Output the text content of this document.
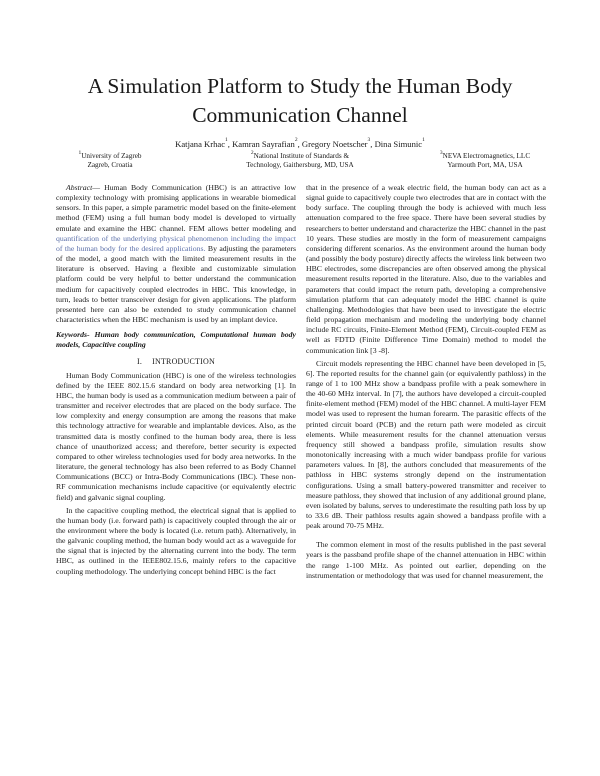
A Simulation Platform to Study the Human Body Communication Channel
Katjana Krhac$^1$, Kamran Sayrafian$^2$, Gregory Noetscher$^3$, Dina Simunic$^1$
$^1$University of Zagreb
Zagreb, Croatia
$^2$National Institute of Standards &
Technology, Gaithersburg, MD, USA
$^3$NEVA Electromagnetics, LLC
Yarmouth Port, MA, USA

Abstract— Human Body Communication (HBC) is an attractive low complexity technology with promising applications in wearable biomedical sensors. In this paper, a simple parametric model based on the finite-element method (FEM) using a full human body model is developed to virtually emulate and examine the HBC channel. FEM allows better modeling and quantification of the underlying physical phenomenon including the impact of the human body for the desired applications. By adjusting the parameters of the model, a good match with the limited measurement results in the literature is observed. Having a flexible and customizable simulation platform could be very helpful to better understand the communication medium for capacitively coupled electrodes in HBC. This knowledge, in turn, leads to better transceiver design for given applications. The platform presented here can also be extended to study communication channel characteristics when the HBC mechanism is used by an implant device.

Keywords- Human body communication, Computational human body models, Capacitive coupling

I. INTRODUCTION

Human Body Communication (HBC) is one of the wireless technologies defined by the IEEE 802.15.6 standard on body area networking [1]. In HBC, the human body is used as a communication medium between a pair of transmitter and receiver electrodes that are placed on the body surface. The low complexity and energy consumption are among the reasons that make this technology attractive for wearable and implantable devices. Also, as the transmitted data is mostly confined to the human body area, there is less chance of unauthorized access; and therefore, better security is expected compared to other wireless technologies used for body area networks. In the literature, the general technology has also been referred to as Body Channel Communications (BCC) or Intra-Body Communications (IBC). These non-RF communication mechanisms include capacitive (or equivalently electric field) and galvanic signal coupling.

In the capacitive coupling method, the electrical signal that is applied to the human body (i.e. forward path) is capacitively coupled through the air or the environment where the body is located (i.e. return path). Alternatively, in the galvanic coupling method, the human body would act as a waveguide for the signal that is injected by the alternating current into the body. The term HBC, as outlined in the IEEE802.15.6, mainly refers to the capacitive coupling methodology. The underlying concept behind HBC is the fact

that in the presence of a weak electric field, the human body can act as a signal guide to capacitively couple two electrodes that are in contact with the body surface. The coupling through the body is achieved with much less attenuation compared to the free space. There have been several studies by researchers to better understand and characterize the HBC channel in the past 10 years. These studies are mostly in the form of measurement campaigns considering different scenarios. As the environment around the human body (and possibly the body posture) directly affects the wireless link between two HBC electrodes, some discrepancies are often observed among the physical measurement results reported in the literature. Also, due to the variables and parameters that could impact the return path, developing a comprehensive simulation platform that can adequately model the HBC channel is quite challenging. Methodologies that have been used to investigate the electric field propagation mechanism and modeling the underlying body channel include RC circuits, Finite-Element Method (FEM), Circuit-coupled FEM as well as FDTD (Finite Difference Time Domain) method to model the communication link [3 -8].

Circuit models representing the HBC channel have been developed in [5, 6]. The reported results for the channel gain (or equivalently pathloss) in the range of 1 to 100 MHz show a bandpass profile with a peak somewhere in the 40-60 MHz interval. In [7], the authors have developed a circuit-coupled finite-element method (FEM) model of the HBC channel. A multi-layer FEM model was used to represent the human forearm. The parasitic effects of the printed circuit board (PCB) and the return path were modeled as circuit elements. While measurement results for the channel attenuation versus frequency still showed a bandpass profile, simulation results show monotonically increasing with a much wider bandpass profile for various parameters values. In [8], the authors concluded that measurements of the pathloss in HBC systems strongly depend on the instrumentation configurations. Using a small battery-powered transmitter and receiver to measure pathloss, they showed that inclusion of any additional ground plane, even isolated by baluns, serves to underestimate the resulting path loss by up to 33.6 dB. Their pathloss results again showed a bandpass profile with a peak around 70-75 MHz.

The common element in most of the results published in the past several years is the passband profile shape of the channel attenuation in HBC within the range 1-100 MHz. As pointed out earlier, depending on the instrumentation or methodology that was used for channel measurement, the
